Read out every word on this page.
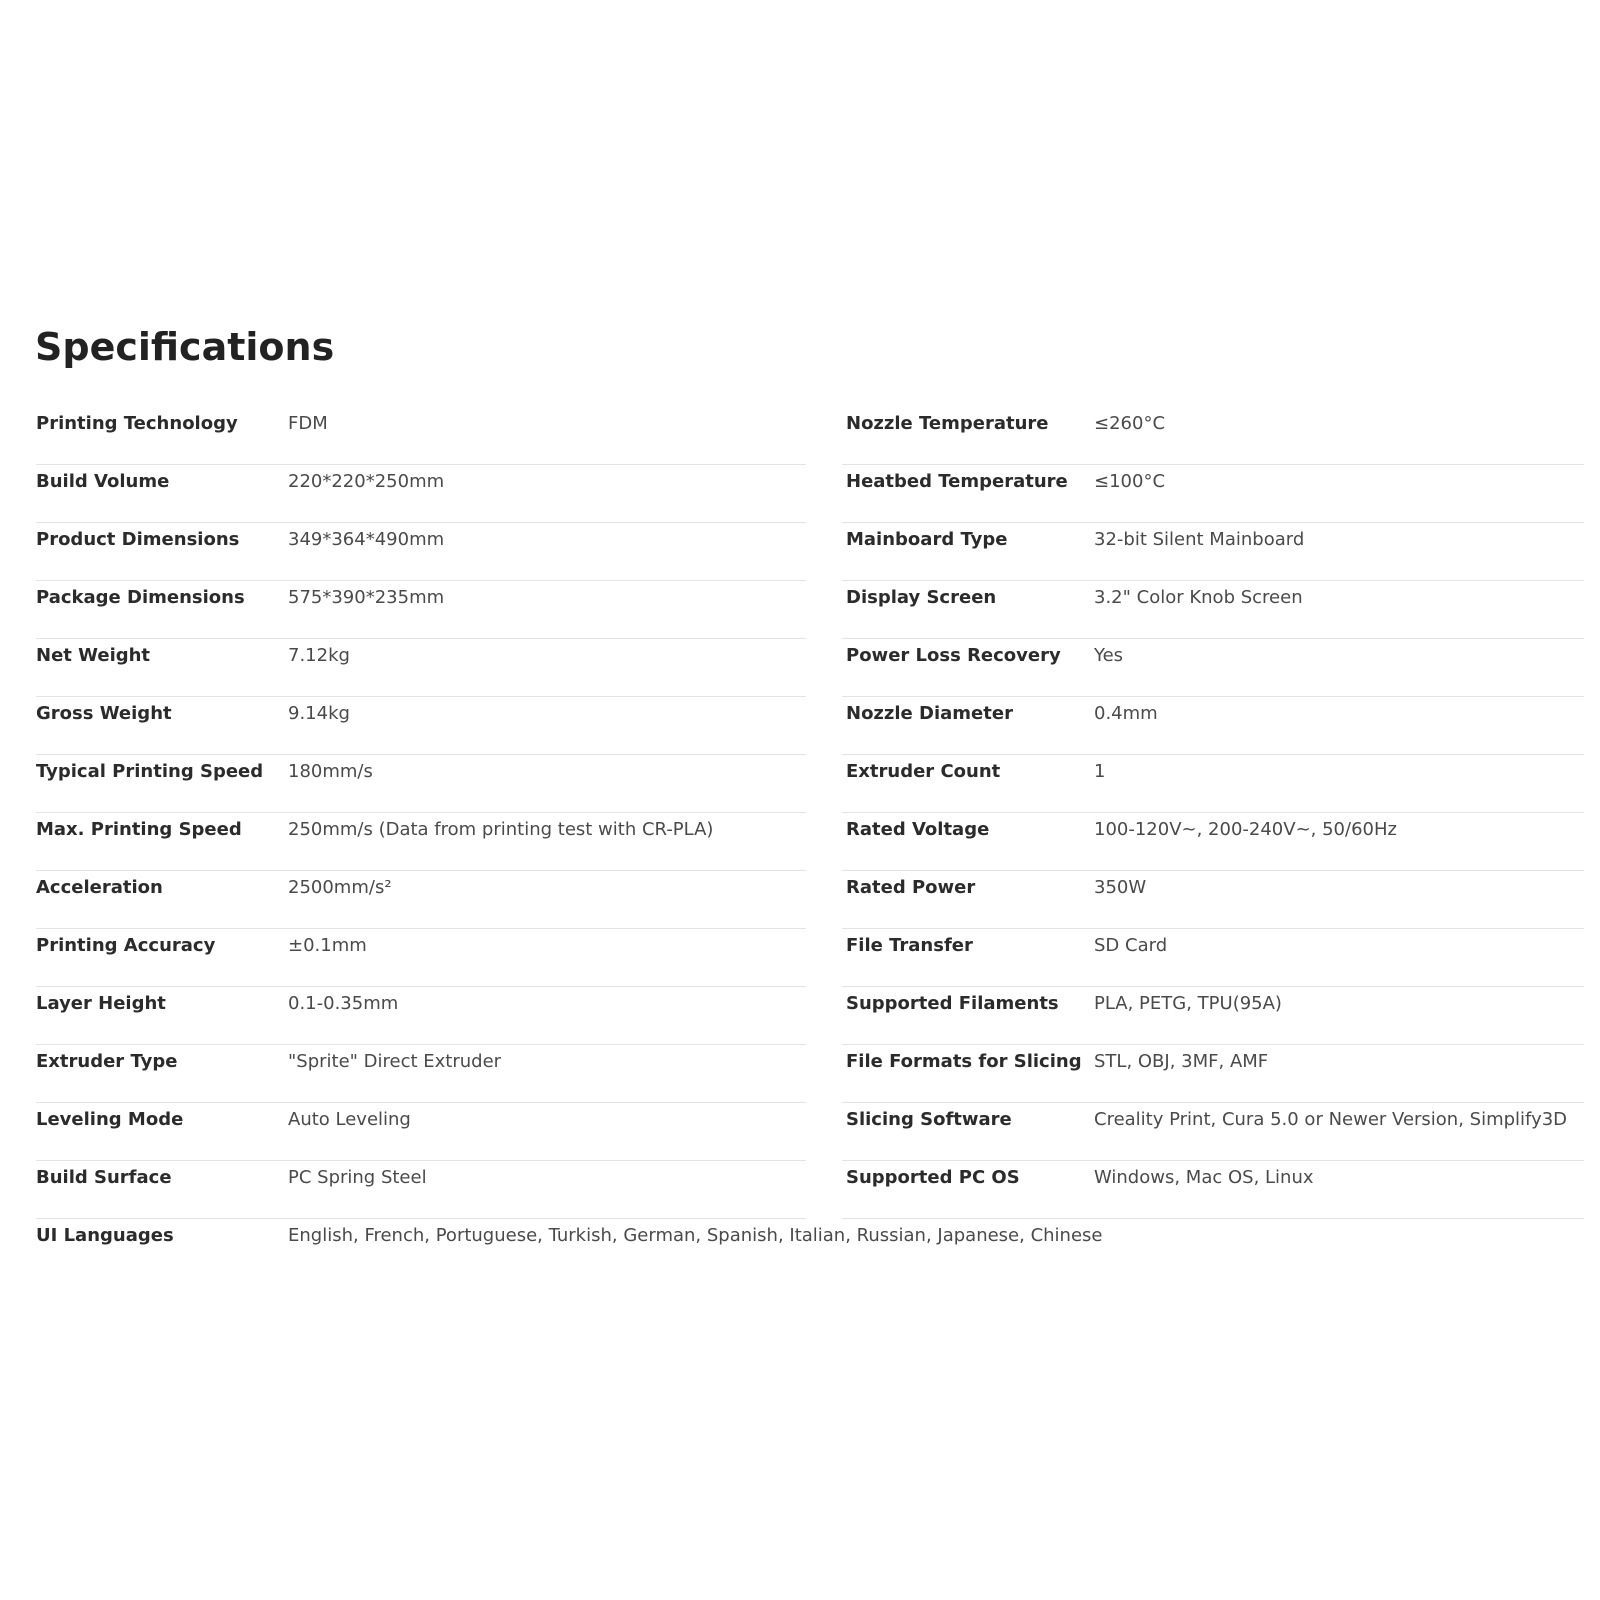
Specifications
Printing Technology	FDM	Nozzle Temperature	≤260°C
Build Volume	220*220*250mm	Heatbed Temperature ≤100°C
Product Dimensions	349*364*490mm	Mainboard Type	32-bit Silent Mainboard
Package Dimensions 575*390*235mm	Display Screen	3.2" Color Knob Screen
Net Weight	7.12kg	Power Loss Recovery Yes
Gross Weight	9.14kg	Nozzle Diameter	0.4mm
Typical Printing Speed 180mm/s	Extruder Count	1
Max. Printing Speed	250mm/s (Data from printing test with CR-PLA)	Rated Voltage	100-120V~, 200-240V~, 50/60Hz
Acceleration	2500mm/s²	Rated Power	350W
Printing Accuracy	±0.1mm	File Transfer	SD Card
Layer Height	0.1-0.35mm	Supported Filaments PLA, PETG, TPU(95A)
Extruder Type	"Sprite" Direct Extruder	File Formats for Slicing STL, OBJ, 3MF, AMF
Leveling Mode	Auto Leveling	Slicing Software	Creality Print, Cura 5.0 or Newer Version, Simplify3D
Build Surface	PC Spring Steel	Supported PC OS	Windows, Mac OS, Linux
UI Languages	English, French, Portuguese, Turkish, German, Spanish, Italian, Russian, Japanese, Chinese
